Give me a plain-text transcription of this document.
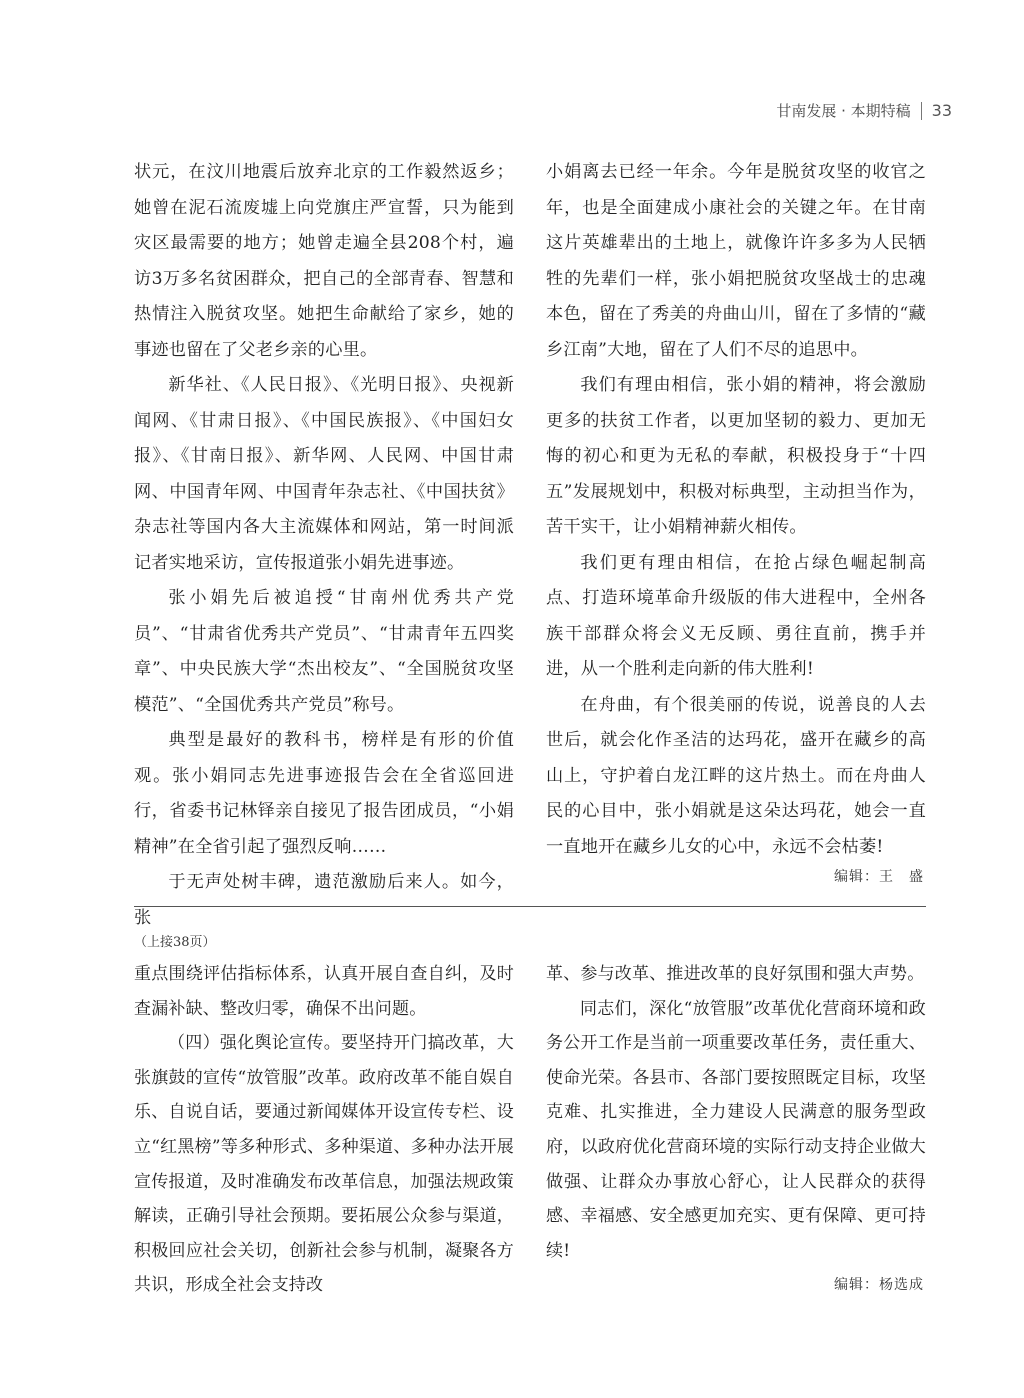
甘南发展 · 本期特稿 33

状元，在汶川地震后放弃北京的工作毅然返乡；她曾在泥石流废墟上向党旗庄严宣誓，只为能到灾区最需要的地方；她曾走遍全县208个村，遍访3万多名贫困群众，把自己的全部青春、智慧和热情注入脱贫攻坚。她把生命献给了家乡，她的事迹也留在了父老乡亲的心里。

新华社、《人民日报》、《光明日报》、央视新闻网、《甘肃日报》、《中国民族报》、《中国妇女报》、《甘南日报》、新华网、人民网、中国甘肃网、中国青年网、中国青年杂志社、《中国扶贫》杂志社等国内各大主流媒体和网站，第一时间派记者实地采访，宣传报道张小娟先进事迹。

张小娟先后被追授“甘南州优秀共产党员”、“甘肃省优秀共产党员”、“甘肃青年五四奖章”、中央民族大学“杰出校友”、“全国脱贫攻坚模范”、“全国优秀共产党员”称号。

典型是最好的教科书，榜样是有形的价值观。张小娟同志先进事迹报告会在全省巡回进行，省委书记林铎亲自接见了报告团成员，“小娟精神”在全省引起了强烈反响……

于无声处树丰碑，遗范激励后来人。如今，张

小娟离去已经一年余。今年是脱贫攻坚的收官之年，也是全面建成小康社会的关键之年。在甘南这片英雄辈出的土地上，就像许许多多为人民牺牲的先辈们一样，张小娟把脱贫攻坚战士的忠魂本色，留在了秀美的舟曲山川，留在了多情的“藏乡江南”大地，留在了人们不尽的追思中。

我们有理由相信，张小娟的精神，将会激励更多的扶贫工作者，以更加坚韧的毅力、更加无悔的初心和更为无私的奉献，积极投身于“十四五”发展规划中，积极对标典型，主动担当作为，苦干实干，让小娟精神薪火相传。

我们更有理由相信，在抢占绿色崛起制高点、打造环境革命升级版的伟大进程中，全州各族干部群众将会义无反顾、勇往直前，携手并进，从一个胜利走向新的伟大胜利!

在舟曲，有个很美丽的传说，说善良的人去世后，就会化作圣洁的达玛花，盛开在藏乡的高山上，守护着白龙江畔的这片热土。而在舟曲人民的心目中，张小娟就是这朵达玛花，她会一直一直地开在藏乡儿女的心中，永远不会枯萎!

编辑：王　盛
（上接38页）

重点围绕评估指标体系，认真开展自查自纠，及时查漏补缺、整改归零，确保不出问题。

（四）强化舆论宣传。要坚持开门搞改革，大张旗鼓的宣传“放管服”改革。政府改革不能自娱自乐、自说自话，要通过新闻媒体开设宣传专栏、设立“红黑榜”等多种形式、多种渠道、多种办法开展宣传报道，及时准确发布改革信息，加强法规政策解读，正确引导社会预期。要拓展公众参与渠道，积极回应社会关切，创新社会参与机制，凝聚各方共识，形成全社会支持改

革、参与改革、推进改革的良好氛围和强大声势。

同志们，深化“放管服”改革优化营商环境和政务公开工作是当前一项重要改革任务，责任重大、使命光荣。各县市、各部门要按照既定目标，攻坚克难、扎实推进，全力建设人民满意的服务型政府，以政府优化营商环境的实际行动支持企业做大做强、让群众办事放心舒心，让人民群众的获得感、幸福感、安全感更加充实、更有保障、更可持续!

编辑：杨选成
